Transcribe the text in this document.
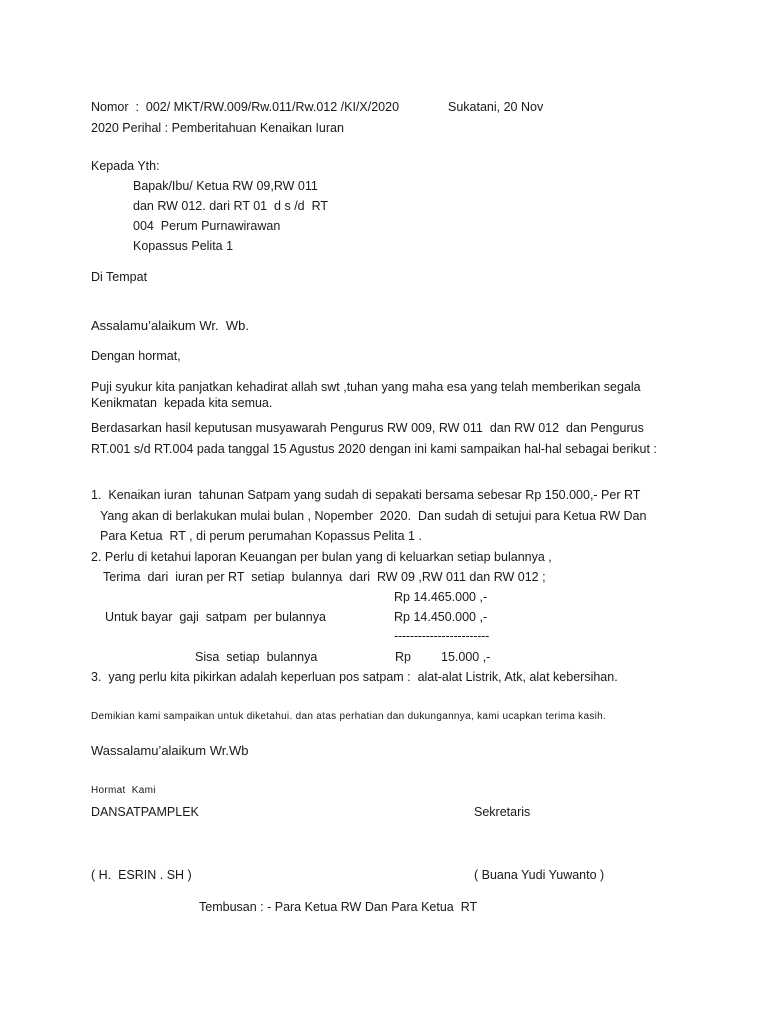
Nomor  :  002/ MKT/RW.009/Rw.011/Rw.012 /KI/X/2020	Sukatani, 20 Nov
2020 Perihal : Pemberitahuan Kenaikan Iuran
Kepada Yth:
Bapak/Ibu/ Ketua RW 09,RW 011
dan RW 012. dari RT 01  d s /d  RT
004  Perum Purnawirawan
Kopassus Pelita 1
Di Tempat
Assalamu’alaikum Wr.  Wb.
Dengan hormat,
Puji syukur kita panjatkan kehadirat allah swt ,tuhan yang maha esa yang telah memberikan segala
Kenikmatan  kepada kita semua.
Berdasarkan hasil keputusan musyawarah Pengurus RW 009, RW 011  dan RW 012  dan Pengurus
RT.001 s/d RT.004 pada tanggal 15 Agustus 2020 dengan ini kami sampaikan hal-hal sebagai berikut :
1.  Kenaikan iuran  tahunan Satpam yang sudah di sepakati bersama sebesar Rp 150.000,- Per RT
Yang akan di berlakukan mulai bulan , Nopember  2020.  Dan sudah di setujui para Ketua RW Dan
Para Ketua  RT , di perum perumahan Kopassus Pelita 1 .
2. Perlu di ketahui laporan Keuangan per bulan yang di keluarkan setiap bulannya ,
Terima  dari  iuran per RT  setiap  bulannya  dari  RW 09 ,RW 011 dan RW 012 ;
Rp 14.465.000 ,-
Untuk bayar  gaji  satpam  per bulannya	Rp 14.450.000 ,-
------------------------
Sisa  setiap  bulannya	Rp 15.000 ,-
3.  yang perlu kita pikirkan adalah keperluan pos satpam :  alat-alat Listrik, Atk, alat kebersihan.
Demikian kami sampaikan untuk diketahui. dan atas perhatian dan dukungannya, kami ucapkan terima kasih.
Wassalamu’alaikum Wr.Wb
Hormat  Kami
DANSATPAMPLEK	Sekretaris
( H.  ESRIN . SH )	( Buana Yudi Yuwanto )
Tembusan : - Para Ketua RW Dan Para Ketua  RT
